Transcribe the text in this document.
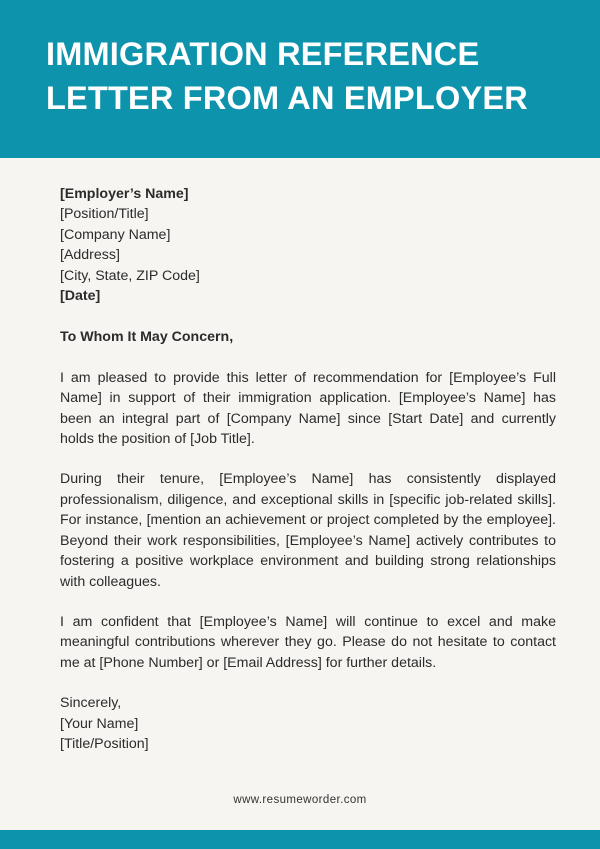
IMMIGRATION REFERENCE
LETTER FROM AN EMPLOYER
[Employer’s Name]
[Position/Title]
[Company Name]
[Address]
[City, State, ZIP Code]
[Date]

To Whom It May Concern,

I am pleased to provide this letter of recommendation for [Employee’s Full Name] in support of their immigration application. [Employee’s Name] has been an integral part of [Company Name] since [Start Date] and currently holds the position of [Job Title].

During their tenure, [Employee’s Name] has consistently displayed professionalism, diligence, and exceptional skills in [specific job-related skills]. For instance, [mention an achievement or project completed by the employee]. Beyond their work responsibilities, [Employee’s Name] actively contributes to fostering a positive workplace environment and building strong relationships with colleagues.

I am confident that [Employee’s Name] will continue to excel and make meaningful contributions wherever they go. Please do not hesitate to contact me at [Phone Number] or [Email Address] for further details.

Sincerely,
[Your Name]
[Title/Position]
www.resumeworder.com
